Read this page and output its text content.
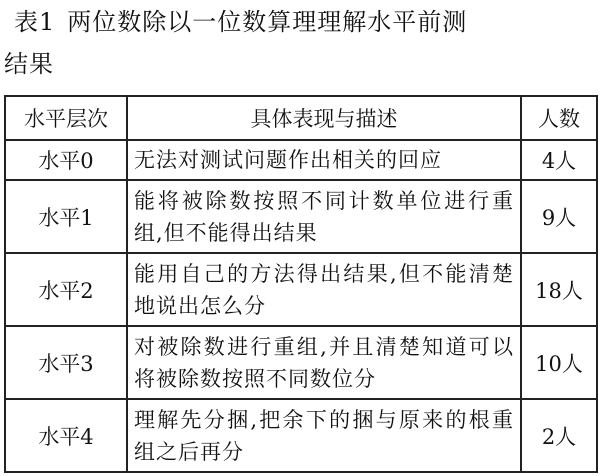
表1 两位数除以一位数算理理解水平前测
结果
水平层次	具体表现与描述	人数
水平0	无法对测试问题作出相关的回应	4人
水平1	能将被除数按照不同计数单位进行重组,但不能得出结果	9人
水平2	能用自己的方法得出结果,但不能清楚地说出怎么分	18人
水平3	对被除数进行重组,并且清楚知道可以将被除数按照不同数位分	10人
水平4	理解先分捆,把余下的捆与原来的根重组之后再分	2人
